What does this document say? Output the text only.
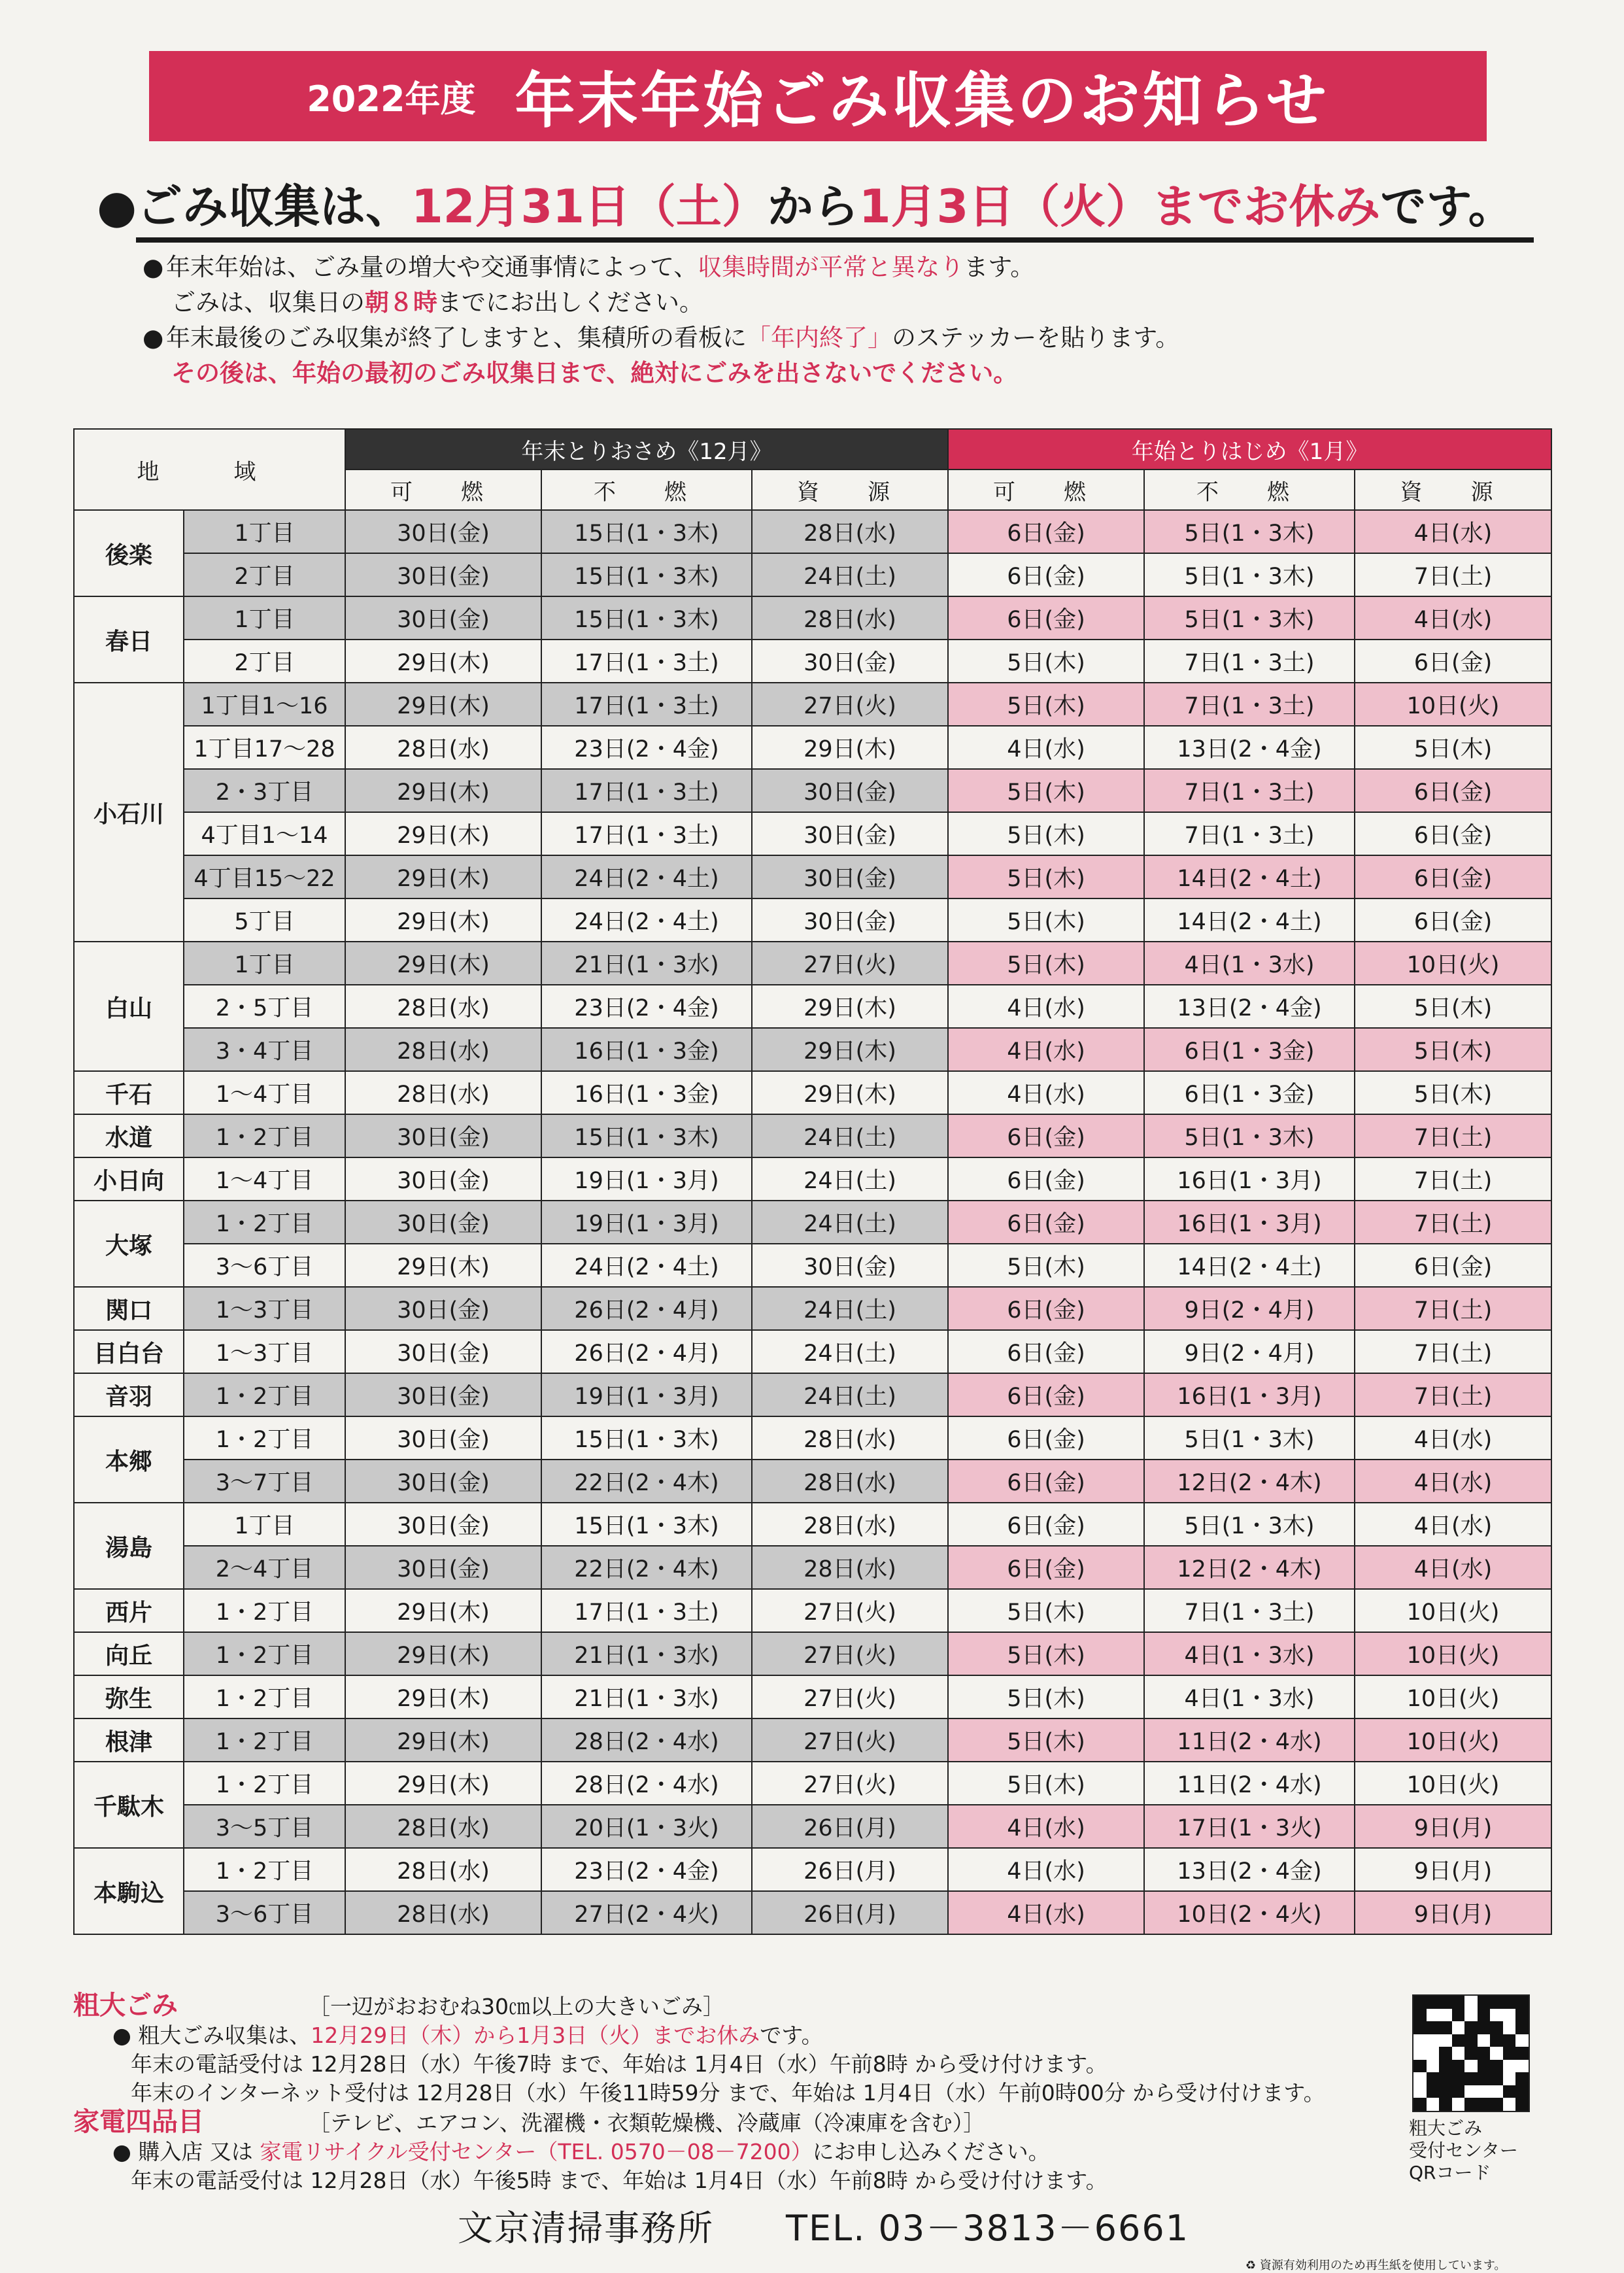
2022年度 年末年始ごみ収集のお知らせ
●ごみ収集は、12月31日（土）から1月3日（火）までお休みです。
● 年末年始は、ごみ量の増大や交通事情によって、収集時間が平常と異なります。
ごみは、収集日の朝８時までにお出しください。
● 年末最後のごみ収集が終了しますと、集積所の看板に「年内終了」のステッカーを貼ります。
その後は、年始の最初のごみ収集日まで、絶対にごみを出さないでください。
地　域		年末とりおさめ《12月》			年始とりはじめ《1月》		
		可　燃	不　燃	資　源	可　燃	不　燃	資　源
後楽	1丁目	30日(金)	15日(1・3木)	28日(水)	6日(金)	5日(1・3木)	4日(水)
	2丁目	30日(金)	15日(1・3木)	24日(土)	6日(金)	5日(1・3木)	7日(土)
春日	1丁目	30日(金)	15日(1・3木)	28日(水)	6日(金)	5日(1・3木)	4日(水)
	2丁目	29日(木)	17日(1・3土)	30日(金)	5日(木)	7日(1・3土)	6日(金)
小石川	1丁目1～16	29日(木)	17日(1・3土)	27日(火)	5日(木)	7日(1・3土)	10日(火)
	1丁目17～28	28日(水)	23日(2・4金)	29日(木)	4日(水)	13日(2・4金)	5日(木)
	2・3丁目	29日(木)	17日(1・3土)	30日(金)	5日(木)	7日(1・3土)	6日(金)
	4丁目1～14	29日(木)	17日(1・3土)	30日(金)	5日(木)	7日(1・3土)	6日(金)
	4丁目15～22	29日(木)	24日(2・4土)	30日(金)	5日(木)	14日(2・4土)	6日(金)
	5丁目	29日(木)	24日(2・4土)	30日(金)	5日(木)	14日(2・4土)	6日(金)
白山	1丁目	29日(木)	21日(1・3水)	27日(火)	5日(木)	4日(1・3水)	10日(火)
	2・5丁目	28日(水)	23日(2・4金)	29日(木)	4日(水)	13日(2・4金)	5日(木)
	3・4丁目	28日(水)	16日(1・3金)	29日(木)	4日(水)	6日(1・3金)	5日(木)
千石	1～4丁目	28日(水)	16日(1・3金)	29日(木)	4日(水)	6日(1・3金)	5日(木)
水道	1・2丁目	30日(金)	15日(1・3木)	24日(土)	6日(金)	5日(1・3木)	7日(土)
小日向	1～4丁目	30日(金)	19日(1・3月)	24日(土)	6日(金)	16日(1・3月)	7日(土)
大塚	1・2丁目	30日(金)	19日(1・3月)	24日(土)	6日(金)	16日(1・3月)	7日(土)
	3～6丁目	29日(木)	24日(2・4土)	30日(金)	5日(木)	14日(2・4土)	6日(金)
関口	1～3丁目	30日(金)	26日(2・4月)	24日(土)	6日(金)	9日(2・4月)	7日(土)
目白台	1～3丁目	30日(金)	26日(2・4月)	24日(土)	6日(金)	9日(2・4月)	7日(土)
音羽	1・2丁目	30日(金)	19日(1・3月)	24日(土)	6日(金)	16日(1・3月)	7日(土)
本郷	1・2丁目	30日(金)	15日(1・3木)	28日(水)	6日(金)	5日(1・3木)	4日(水)
	3～7丁目	30日(金)	22日(2・4木)	28日(水)	6日(金)	12日(2・4木)	4日(水)
湯島	1丁目	30日(金)	15日(1・3木)	28日(水)	6日(金)	5日(1・3木)	4日(水)
	2～4丁目	30日(金)	22日(2・4木)	28日(水)	6日(金)	12日(2・4木)	4日(水)
西片	1・2丁目	29日(木)	17日(1・3土)	27日(火)	5日(木)	7日(1・3土)	10日(火)
向丘	1・2丁目	29日(木)	21日(1・3水)	27日(火)	5日(木)	4日(1・3水)	10日(火)
弥生	1・2丁目	29日(木)	21日(1・3水)	27日(火)	5日(木)	4日(1・3水)	10日(火)
根津	1・2丁目	29日(木)	28日(2・4水)	27日(火)	5日(木)	11日(2・4水)	10日(火)
千駄木	1・2丁目	29日(木)	28日(2・4水)	27日(火)	5日(木)	11日(2・4水)	10日(火)
	3～5丁目	28日(水)	20日(1・3火)	26日(月)	4日(水)	17日(1・3火)	9日(月)
本駒込	1・2丁目	28日(水)	23日(2・4金)	26日(月)	4日(水)	13日(2・4金)	9日(月)
	3～6丁目	28日(水)	27日(2・4火)	26日(月)	4日(水)	10日(2・4火)	9日(月)
粗大ごみ	［一辺がおおむね30㎝以上の大きいごみ］
● 粗大ごみ収集は、12月29日（木）から1月3日（火）までお休みです。
年末の電話受付は 12月28日（水）午後7時 まで、年始は 1月4日（水）午前8時 から受け付けます。
年末のインターネット受付は 12月28日（水）午後11時59分 まで、年始は 1月4日（水）午前0時00分 から受け付けます。
家電四品目	［テレビ、エアコン、洗濯機・衣類乾燥機、冷蔵庫（冷凍庫を含む）］
● 購入店 又は 家電リサイクル受付センター（TEL. 0570－08－7200）にお申し込みください。
年末の電話受付は 12月28日（水）午後5時 まで、年始は 1月4日（水）午前8時 から受け付けます。
粗大ごみ
受付センター
QRコード
文京清掃事務所 TEL. 03－3813－6661
♻ 資源有効利用のため再生紙を使用しています。
